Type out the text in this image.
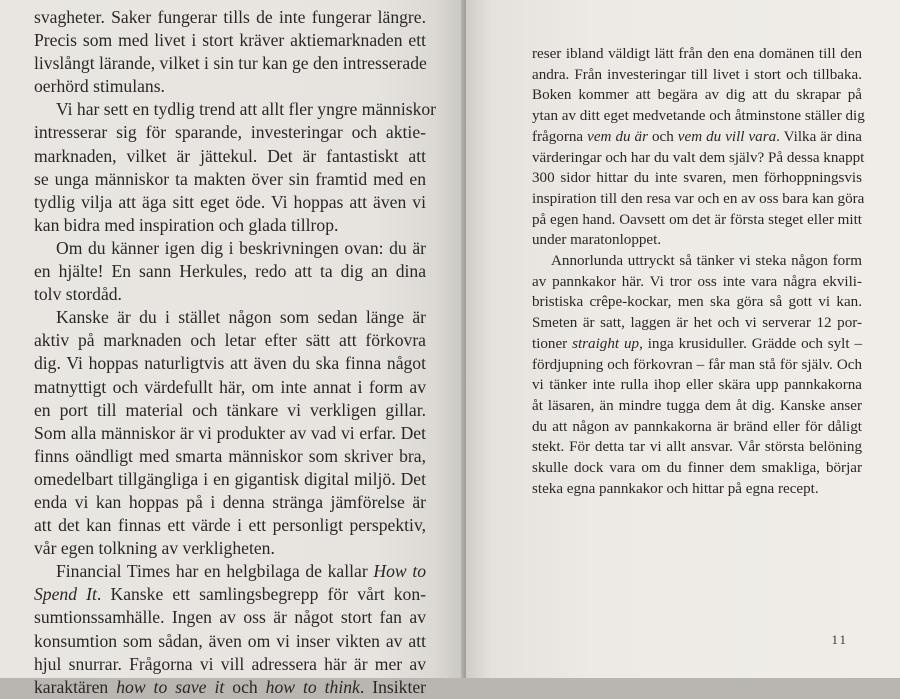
svagheter. Saker fungerar tills de inte fungerar längre.
Precis som med livet i stort kräver aktiemarknaden ett
livslångt lärande, vilket i sin tur kan ge den intresserade
oerhörd stimulans.

Vi har sett en tydlig trend att allt fler yngre människor
intresserar sig för sparande, investeringar och aktie-
marknaden, vilket är jättekul. Det är fantastiskt att
se unga människor ta makten över sin framtid med en
tydlig vilja att äga sitt eget öde. Vi hoppas att även vi
kan bidra med inspiration och glada tillrop.

Om du känner igen dig i beskrivningen ovan: du är
en hjälte! En sann Herkules, redo att ta dig an dina
tolv stordåd.

Kanske är du i stället någon som sedan länge är
aktiv på marknaden och letar efter sätt att förkovra
dig. Vi hoppas naturligtvis att även du ska finna något
matnyttigt och värdefullt här, om inte annat i form av
en port till material och tänkare vi verkligen gillar.
Som alla människor är vi produkter av vad vi erfar. Det
finns oändligt med smarta människor som skriver bra,
omedelbart tillgängliga i en gigantisk digital miljö. Det
enda vi kan hoppas på i denna stränga jämförelse är
att det kan finnas ett värde i ett personligt perspektiv,
vår egen tolkning av verkligheten.

Financial Times har en helgbilaga de kallar How to
Spend It. Kanske ett samlingsbegrepp för vårt kon-
sumtionssamhälle. Ingen av oss är något stort fan av
konsumtion som sådan, även om vi inser vikten av att
hjul snurrar. Frågorna vi vill adressera här är mer av
karaktären how to save it och how to think. Insikter

reser ibland väldigt lätt från den ena domänen till den
andra. Från investeringar till livet i stort och tillbaka.
Boken kommer att begära av dig att du skrapar på
ytan av ditt eget medvetande och åtminstone ställer dig
frågorna vem du är och vem du vill vara. Vilka är dina
värderingar och har du valt dem själv? På dessa knappt
300 sidor hittar du inte svaren, men förhoppningsvis
inspiration till den resa var och en av oss bara kan göra
på egen hand. Oavsett om det är första steget eller mitt
under maratonloppet.

Annorlunda uttryckt så tänker vi steka någon form
av pannkakor här. Vi tror oss inte vara några ekvili-
bristiska crêpe-kockar, men ska göra så gott vi kan.
Smeten är satt, laggen är het och vi serverar 12 por-
tioner straight up, inga krusiduller. Grädde och sylt –
fördjupning och förkovran – får man stå för själv. Och
vi tänker inte rulla ihop eller skära upp pannkakorna
åt läsaren, än mindre tugga dem åt dig. Kanske anser
du att någon av pannkakorna är bränd eller för dåligt
stekt. För detta tar vi allt ansvar. Vår största belöning
skulle dock vara om du finner dem smakliga, börjar
steka egna pannkakor och hittar på egna recept.

11
